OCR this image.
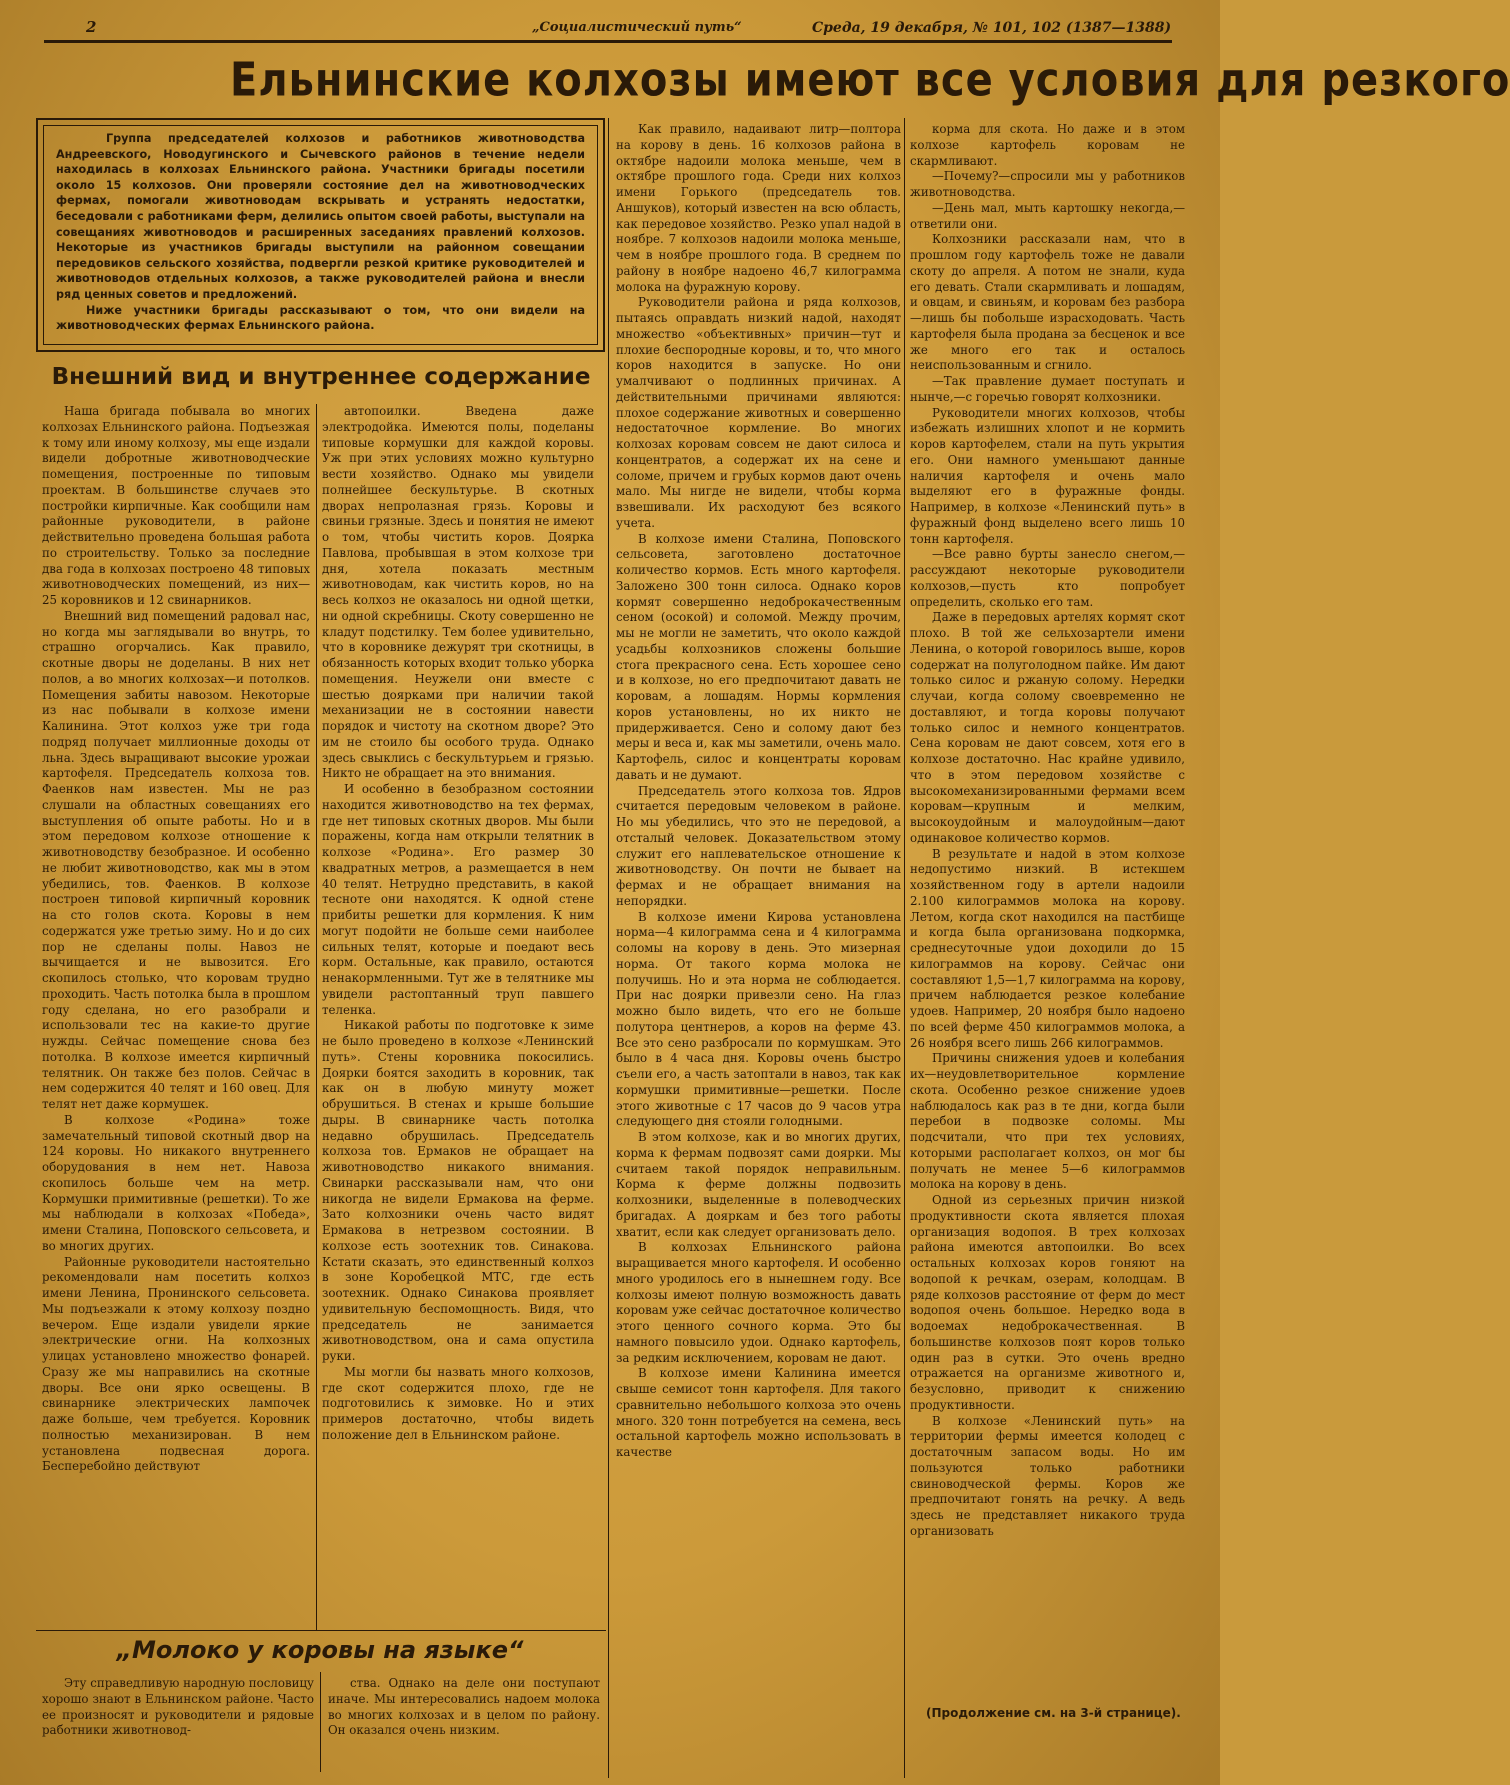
2	„Социалистический путь“	Среда, 19 декабря, № 101, 102 (1387—1388)
Ельнинские колхозы имеют все условия для резкого

Группа председателей колхозов и работников животноводства Андреевского, Новодугинского и Сычевского районов в течение недели находилась в колхозах Ельнинского района. Участники бригады посетили около 15 колхозов. Они проверяли состояние дел на животноводческих фермах, помогали животноводам вскрывать и устранять недостатки, беседовали с работниками ферм, делились опытом своей работы, выступали на совещаниях животноводов и расширенных заседаниях правлений колхозов. Некоторые из участников бригады выступили на районном совещании передовиков сельского хозяйства, подвергли резкой критике руководителей и животноводов отдельных колхозов, а также руководителей района и внесли ряд ценных советов и предложений.

Ниже участники бригады рассказывают о том, что они видели на животноводческих фермах Ельнинского района.

Внешний вид и внутреннее содержание

Наша бригада побывала во многих колхозах Ельнинского района. Подъезжая к тому или иному колхозу, мы еще издали видели добротные животноводческие помещения, построенные по типовым проектам. В большинстве случаев это постройки кирпичные. Как сообщили нам районные руководители, в районе действительно проведена большая работа по строительству. Только за последние два года в колхозах построено 48 типовых животноводческих помещений, из них— 25 коровников и 12 свинарников.

Внешний вид помещений радовал нас, но когда мы заглядывали во внутрь, то страшно огорчались. Как правило, скотные дворы не доделаны. В них нет полов, а во многих колхозах—и потолков. Помещения забиты навозом. Некоторые из нас побывали в колхозе имени Калинина. Этот колхоз уже три года подряд получает миллионные доходы от льна. Здесь выращивают высокие урожаи картофеля. Председатель колхоза тов. Фаенков нам известен. Мы не раз слушали на областных совещаниях его выступления об опыте работы. Но и в этом передовом колхозе отношение к животноводству безобразное. И особенно не любит животноводство, как мы в этом убедились, тов. Фаенков. В колхозе построен типовой кирпичный коровник на сто голов скота. Коровы в нем содержатся уже третью зиму. Но и до сих пор не сделаны полы. Навоз не вычищается и не вывозится. Его скопилось столько, что коровам трудно проходить. Часть потолка была в прошлом году сделана, но его разобрали и использовали тес на какие-то другие нужды. Сейчас помещение снова без потолка. В колхозе имеется кирпичный телятник. Он также без полов. Сейчас в нем содержится 40 телят и 160 овец. Для телят нет даже кормушек.

В колхозе «Родина» тоже замечательный типовой скотный двор на 124 коровы. Но никакого внутреннего оборудования в нем нет. Навоза скопилось больше чем на метр. Кормушки примитивные (решетки). То же мы наблюдали в колхозах «Победа», имени Сталина, Поповского сельсовета, и во многих других.

Районные руководители настоятельно рекомендовали нам посетить колхоз имени Ленина, Пронинского сельсовета. Мы подъезжали к этому колхозу поздно вечером. Еще издали увидели яркие электрические огни. На колхозных улицах установлено множество фонарей. Сразу же мы направились на скотные дворы. Все они ярко освещены. В свинарнике электрических лампочек даже больше, чем требуется. Коровник полностью механизирован. В нем установлена подвесная дорога. Бесперебойно действуют

автопоилки. Введена даже электродойка. Имеются полы, поделаны типовые кормушки для каждой коровы. Уж при этих условиях можно культурно вести хозяйство. Однако мы увидели полнейшее бескультурье. В скотных дворах непролазная грязь. Коровы и свиньи грязные. Здесь и понятия не имеют о том, чтобы чистить коров. Доярка Павлова, пробывшая в этом колхозе три дня, хотела показать местным животноводам, как чистить коров, но на весь колхоз не оказалось ни одной щетки, ни одной скребницы. Скоту совершенно не кладут подстилку. Тем более удивительно, что в коровнике дежурят три скотницы, в обязанность которых входит только уборка помещения. Неужели они вместе с шестью доярками при наличии такой механизации не в состоянии навести порядок и чистоту на скотном дворе? Это им не стоило бы особого труда. Однако здесь свыклись с бескультурьем и грязью. Никто не обращает на это внимания.

И особенно в безобразном состоянии находится животноводство на тех фермах, где нет типовых скотных дворов. Мы были поражены, когда нам открыли телятник в колхозе «Родина». Его размер 30 квадратных метров, а размещается в нем 40 телят. Нетрудно представить, в какой тесноте они находятся. К одной стене прибиты решетки для кормления. К ним могут подойти не больше семи наиболее сильных телят, которые и поедают весь корм. Остальные, как правило, остаются ненакормленными. Тут же в телятнике мы увидели растоптанный труп павшего теленка.

Никакой работы по подготовке к зиме не было проведено в колхозе «Ленинский путь». Стены коровника покосились. Доярки боятся заходить в коровник, так как он в любую минуту может обрушиться. В стенах и крыше большие дыры. В свинарнике часть потолка недавно обрушилась. Председатель колхоза тов. Ермаков не обращает на животноводство никакого внимания. Свинарки рассказывали нам, что они никогда не видели Ермакова на ферме. Зато колхозники очень часто видят Ермакова в нетрезвом состоянии. В колхозе есть зоотехник тов. Синакова. Кстати сказать, это единственный колхоз в зоне Коробецкой МТС, где есть зоотехник. Однако Синакова проявляет удивительную беспомощность. Видя, что председатель не занимается животноводством, она и сама опустила руки.

Мы могли бы назвать много колхозов, где скот содержится плохо, где не подготовились к зимовке. Но и этих примеров достаточно, чтобы видеть положение дел в Ельнинском районе.

Как правило, надаивают литр—полтора на корову в день. 16 колхозов района в октябре надоили молока меньше, чем в октябре прошлого года. Среди них колхоз имени Горького (председатель тов. Аншуков), который известен на всю область, как передовое хозяйство. Резко упал надой в ноябре. 7 колхозов надоили молока меньше, чем в ноябре прошлого года. В среднем по району в ноябре надоено 46,7 килограмма молока на фуражную корову.

Руководители района и ряда колхозов, пытаясь оправдать низкий надой, находят множество «объективных» причин—тут и плохие беспородные коровы, и то, что много коров находится в запуске. Но они умалчивают о подлинных причинах. А действительными причинами являются: плохое содержание животных и совершенно недостаточное кормление. Во многих колхозах коровам совсем не дают силоса и концентратов, а содержат их на сене и соломе, причем и грубых кормов дают очень мало. Мы нигде не видели, чтобы корма взвешивали. Их расходуют без всякого учета.

В колхозе имени Сталина, Поповского сельсовета, заготовлено достаточное количество кормов. Есть много картофеля. Заложено 300 тонн силоса. Однако коров кормят совершенно недоброкачественным сеном (осокой) и соломой. Между прочим, мы не могли не заметить, что около каждой усадьбы колхозников сложены большие стога прекрасного сена. Есть хорошее сено и в колхозе, но его предпочитают давать не коровам, а лошадям. Нормы кормления коров установлены, но их никто не придерживается. Сено и солому дают без меры и веса и, как мы заметили, очень мало. Картофель, силос и концентраты коровам давать и не думают.

Председатель этого колхоза тов. Ядров считается передовым человеком в районе. Но мы убедились, что это не передовой, а отсталый человек. Доказательством этому служит его наплевательское отношение к животноводству. Он почти не бывает на фермах и не обращает внимания на непорядки.

В колхозе имени Кирова установлена норма—4 килограмма сена и 4 килограмма соломы на корову в день. Это мизерная норма. От такого корма молока не получишь. Но и эта норма не соблюдается. При нас доярки привезли сено. На глаз можно было видеть, что его не больше полутора центнеров, а коров на ферме 43. Все это сено разбросали по кормушкам. Это было в 4 часа дня. Коровы очень быстро съели его, а часть затоптали в навоз, так как кормушки примитивные—решетки. После этого животные с 17 часов до 9 часов утра следующего дня стояли голодными.

В этом колхозе, как и во многих других, корма к фермам подвозят сами доярки. Мы считаем такой порядок неправильным. Корма к ферме должны подвозить колхозники, выделенные в полеводческих бригадах. А дояркам и без того работы хватит, если как следует организовать дело.

В колхозах Ельнинского района выращивается много картофеля. И особенно много уродилось его в нынешнем году. Все колхозы имеют полную возможность давать коровам уже сейчас достаточное количество этого ценного сочного корма. Это бы намного повысило удои. Однако картофель, за редким исключением, коровам не дают.

В колхозе имени Калинина имеется свыше семисот тонн картофеля. Для такого сравнительно небольшого колхоза это очень много. 320 тонн потребуется на семена, весь остальной картофель можно использовать в качестве

корма для скота. Но даже и в этом колхозе картофель коровам не скармливают.

—Почему?—спросили мы у работников животноводства.

—День мал, мыть картошку некогда,—ответили они.

Колхозники рассказали нам, что в прошлом году картофель тоже не давали скоту до апреля. А потом не знали, куда его девать. Стали скармливать и лошадям, и овцам, и свиньям, и коровам без разбора—лишь бы побольше израсходовать. Часть картофеля была продана за бесценок и все же много его так и осталось неиспользованным и сгнило.

—Так правление думает поступать и нынче,—с горечью говорят колхозники.

Руководители многих колхозов, чтобы избежать излишних хлопот и не кормить коров картофелем, стали на путь укрытия его. Они намного уменьшают данные наличия картофеля и очень мало выделяют его в фуражные фонды. Например, в колхозе «Ленинский путь» в фуражный фонд выделено всего лишь 10 тонн картофеля.

—Все равно бурты занесло снегом,—рассуждают некоторые руководители колхозов,—пусть кто попробует определить, сколько его там.

Даже в передовых артелях кормят скот плохо. В той же сельхозартели имени Ленина, о которой говорилось выше, коров содержат на полуголодном пайке. Им дают только силос и ржаную солому. Нередки случаи, когда солому своевременно не доставляют, и тогда коровы получают только силос и немного концентратов. Сена коровам не дают совсем, хотя его в колхозе достаточно. Нас крайне удивило, что в этом передовом хозяйстве с высокомеханизированными фермами всем коровам—крупным и мелким, высокоудойным и малоудойным—дают одинаковое количество кормов.

В результате и надой в этом колхозе недопустимо низкий. В истекшем хозяйственном году в артели надоили 2.100 килограммов молока на корову. Летом, когда скот находился на пастбище и когда была организована подкормка, среднесуточные удои доходили до 15 килограммов на корову. Сейчас они составляют 1,5—1,7 килограмма на корову, причем наблюдается резкое колебание удоев. Например, 20 ноября было надоено по всей ферме 450 килограммов молока, а 26 ноября всего лишь 266 килограммов.

Причины снижения удоев и колебания их—неудовлетворительное кормление скота. Особенно резкое снижение удоев наблюдалось как раз в те дни, когда были перебои в подвозке соломы. Мы подсчитали, что при тех условиях, которыми располагает колхоз, он мог бы получать не менее 5—6 килограммов молока на корову в день.

Одной из серьезных причин низкой продуктивности скота является плохая организация водопоя. В трех колхозах района имеются автопоилки. Во всех остальных колхозах коров гоняют на водопой к речкам, озерам, колодцам. В ряде колхозов расстояние от ферм до мест водопоя очень большое. Нередко вода в водоемах недоброкачественная. В большинстве колхозов поят коров только один раз в сутки. Это очень вредно отражается на организме животного и, безусловно, приводит к снижению продуктивности.

В колхозе «Ленинский путь» на территории фермы имеется колодец с достаточным запасом воды. Но им пользуются только работники свиноводческой фермы. Коров же предпочитают гонять на речку. А ведь здесь не представляет никакого труда организовать

(Продолжение см. на 3-й странице).
„Молоко у коровы на языке“

Эту справедливую народную пословицу хорошо знают в Ельнинском районе. Часто ее произносят и руководители и рядовые работники животновод-

ства. Однако на деле они поступают иначе. Мы интересовались надоем молока во многих колхозах и в целом по району. Он оказался очень низким.
